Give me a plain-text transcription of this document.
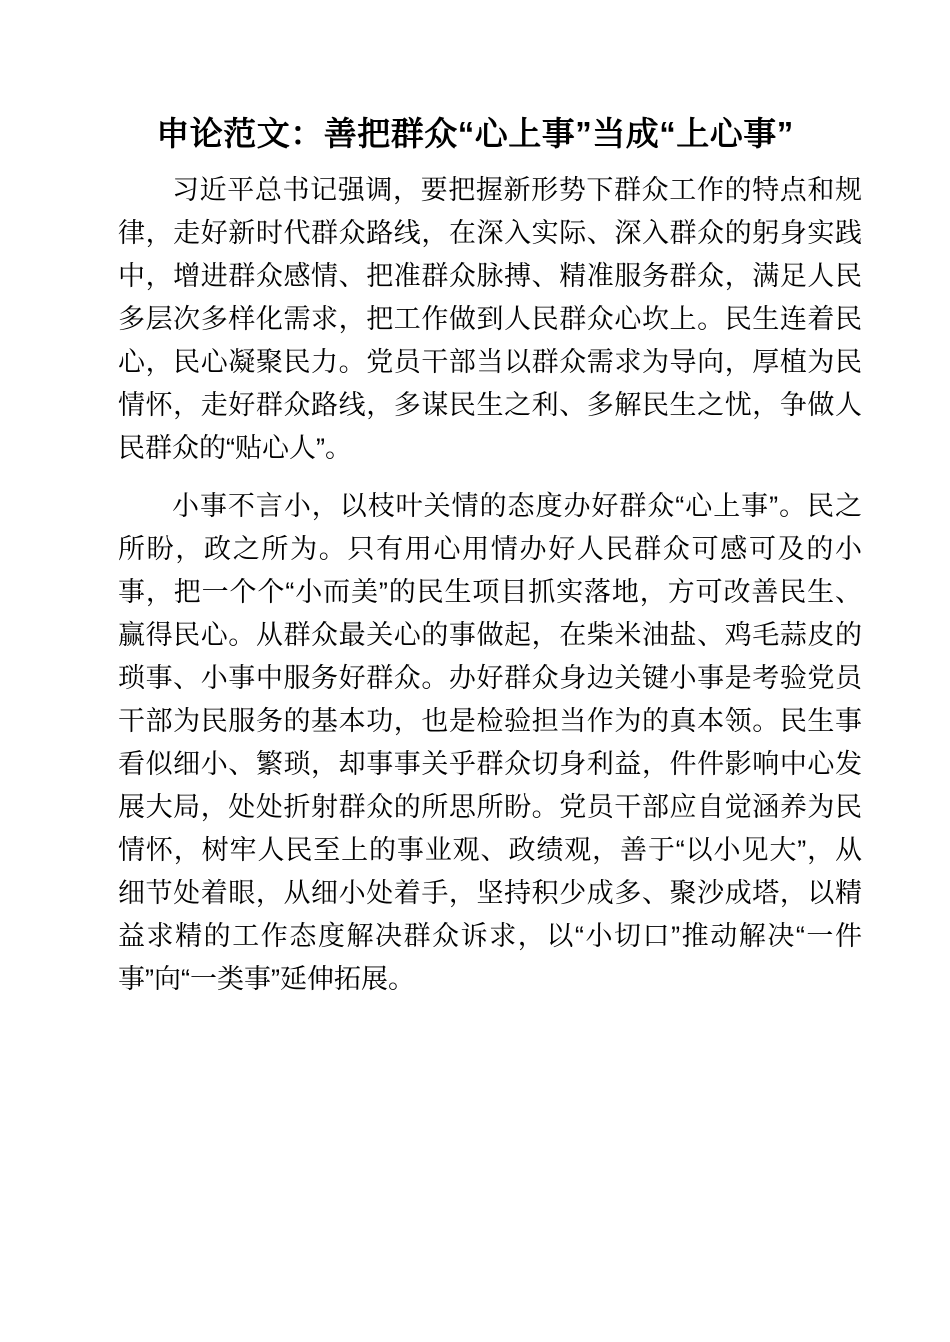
申论范文：善把群众“心上事”当成“上心事”

习近平总书记强调，要把握新形势下群众工作的特点和规律，走好新时代群众路线，在深入实际、深入群众的躬身实践中，增进群众感情、把准群众脉搏、精准服务群众，满足人民多层次多样化需求，把工作做到人民群众心坎上。民生连着民心，民心凝聚民力。党员干部当以群众需求为导向，厚植为民情怀，走好群众路线，多谋民生之利、多解民生之忧，争做人民群众的“贴心人”。

小事不言小，以枝叶关情的态度办好群众“心上事”。民之所盼，政之所为。只有用心用情办好人民群众可感可及的小事，把一个个“小而美”的民生项目抓实落地，方可改善民生、赢得民心。从群众最关心的事做起，在柴米油盐、鸡毛蒜皮的琐事、小事中服务好群众。办好群众身边关键小事是考验党员干部为民服务的基本功，也是检验担当作为的真本领。民生事看似细小、繁琐，却事事关乎群众切身利益，件件影响中心发展大局，处处折射群众的所思所盼。党员干部应自觉涵养为民情怀，树牢人民至上的事业观、政绩观，善于“以小见大”，从细节处着眼，从细小处着手，坚持积少成多、聚沙成塔，以精益求精的工作态度解决群众诉求，以“小切口”推动解决“一件事”向“一类事”延伸拓展。
